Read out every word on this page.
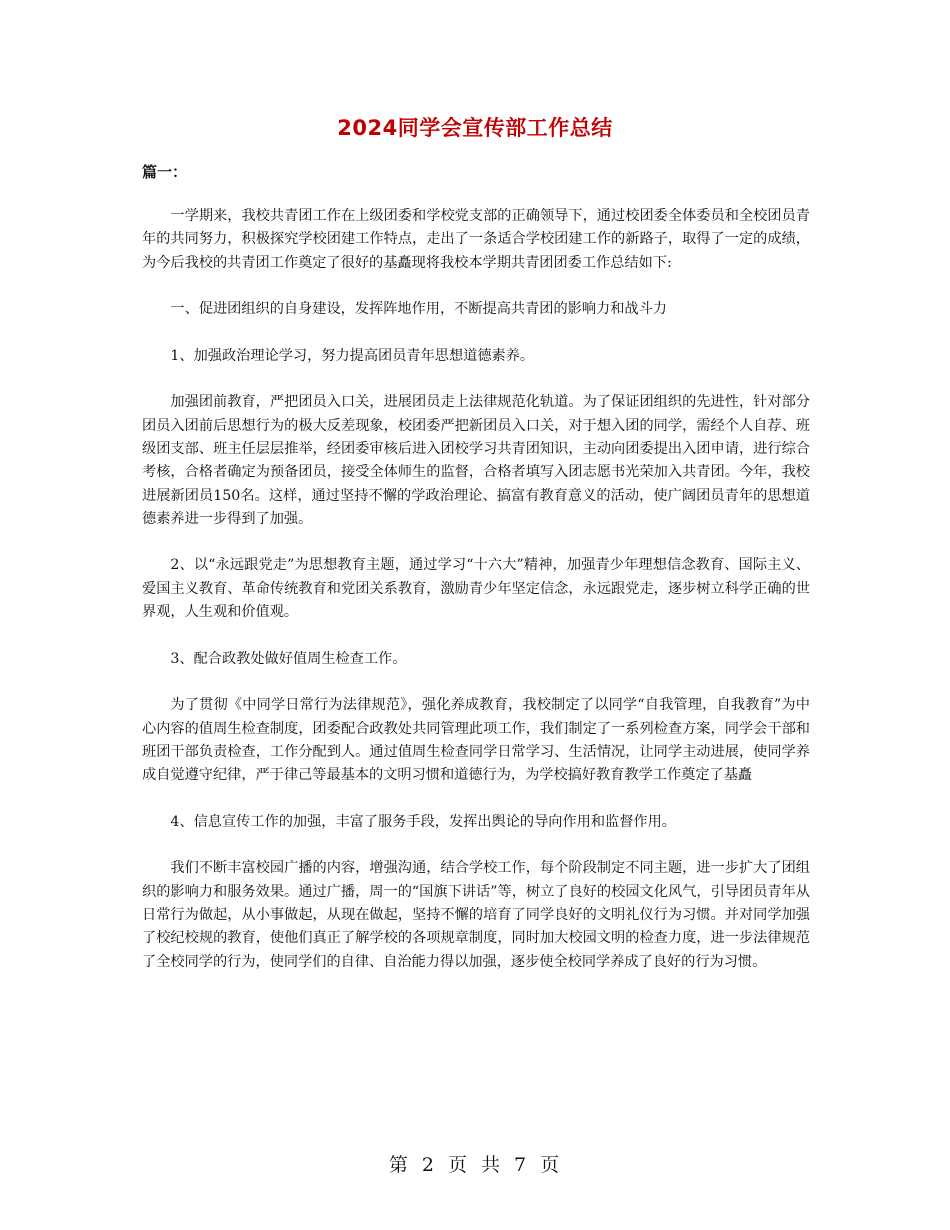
2024同学会宣传部工作总结
篇一：

一学期来，我校共青团工作在上级团委和学校党支部的正确领导下，通过校团委全体委员和全校团员青年的共同努力，积极探究学校团建工作特点，走出了一条适合学校团建工作的新路子，取得了一定的成绩，为今后我校的共青团工作奠定了很好的基矗现将我校本学期共青团团委工作总结如下:

一、促进团组织的自身建设，发挥阵地作用，不断提高共青团的影响力和战斗力

1、加强政治理论学习，努力提高团员青年思想道德素养。

加强团前教育，严把团员入口关，进展团员走上法律规范化轨道。为了保证团组织的先进性，针对部分团员入团前后思想行为的极大反差现象，校团委严把新团员入口关，对于想入团的同学，需经个人自荐、班级团支部、班主任层层推举，经团委审核后进入团校学习共青团知识，主动向团委提出入团申请，进行综合考核，合格者确定为预备团员，接受全体师生的监督，合格者填写入团志愿书光荣加入共青团。今年，我校进展新团员150名。这样，通过坚持不懈的学政治理论、搞富有教育意义的活动，使广阔团员青年的思想道德素养进一步得到了加强。

2、以“永远跟党走”为思想教育主题，通过学习“十六大”精神，加强青少年理想信念教育、国际主义、爱国主义教育、革命传统教育和党团关系教育，激励青少年坚定信念，永远跟党走，逐步树立科学正确的世界观，人生观和价值观。

3、配合政教处做好值周生检查工作。

为了贯彻《中同学日常行为法律规范》，强化养成教育，我校制定了以同学“自我管理，自我教育”为中心内容的值周生检查制度，团委配合政教处共同管理此项工作，我们制定了一系列检查方案，同学会干部和班团干部负责检查，工作分配到人。通过值周生检查同学日常学习、生活情况，让同学主动进展，使同学养成自觉遵守纪律，严于律己等最基本的文明习惯和道德行为，为学校搞好教育教学工作奠定了基矗

4、信息宣传工作的加强，丰富了服务手段，发挥出舆论的导向作用和监督作用。

我们不断丰富校园广播的内容，增强沟通，结合学校工作，每个阶段制定不同主题，进一步扩大了团组织的影响力和服务效果。通过广播，周一的“国旗下讲话”等，树立了良好的校园文化风气，引导团员青年从日常行为做起，从小事做起，从现在做起，坚持不懈的培育了同学良好的文明礼仪行为习惯。并对同学加强了校纪校规的教育，使他们真正了解学校的各项规章制度，同时加大校园文明的检查力度，进一步法律规范了全校同学的行为，使同学们的自律、自治能力得以加强，逐步使全校同学养成了良好的行为习惯。

第 2 页 共 7 页
